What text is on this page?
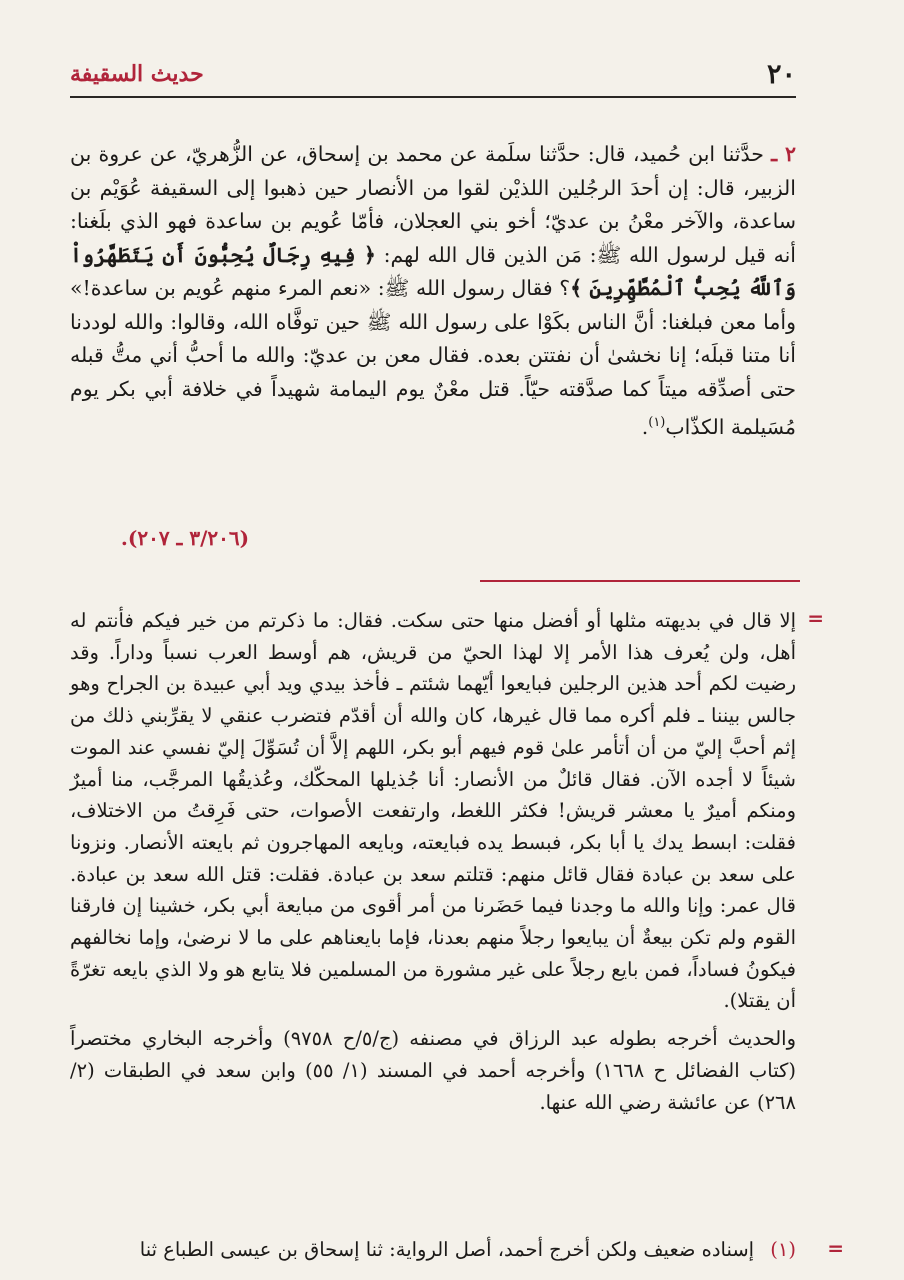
٢٠
حديث السقيفة

٢ ـ حدَّثنا ابن حُميد، قال: حدَّثنا سلَمة عن محمد بن إسحاق، عن الزُّهريّ، عن عروة بن الزبير، قال: إن أحدَ الرجُلين اللذيْن لقوا من الأنصار حين ذهبوا إلى السقيفة عُوَيْم بن ساعدة، والآخر معْنُ بن عديّ؛ أخو بني العجلان، فأمّا عُويم بن ساعدة فهو الذي بلَغنا: أنه قيل لرسول الله ﷺ: مَن الذين قال الله لهم: ﴿ فِيهِ رِجَالٌ يُحِبُّونَ أَن يَتَطَهَّرُواْ وَٱللَّهُ يُحِبُّ ٱلْمُطَّهِّرِينَ ﴾؟ فقال رسول الله ﷺ: «نعم المرء منهم عُويم بن ساعدة!» وأما معن فبلغنا: أنَّ الناس بكَوْا على رسول الله ﷺ حين توفَّاه الله، وقالوا: والله لوددنا أنا متنا قبلَه؛ إنا نخشىٰ أن نفتتن بعده. فقال معن بن عديّ: والله ما أحبُّ أني متُّ قبله حتى أصدِّقه ميتاً كما صدَّقته حيّاً. قتل معْنٌ يوم اليمامة شهيداً في خلافة أبي بكر يوم مُسَيلمة الكذّاب$^{(١)}$.

(٣/٢٠٦ ـ ٢٠٧).
=

إلا قال في بديهته مثلها أو أفضل منها حتى سكت. فقال: ما ذكرتم من خير فيكم فأنتم له أهل، ولن يُعرف هذا الأمر إلا لهذا الحيّ من قريش، هم أوسط العرب نسباً وداراً. وقد رضيت لكم أحد هذين الرجلين فبايعوا أيّهما شئتم ـ فأخذ بيدي ويد أبي عبيدة بن الجراح وهو جالس بيننا ـ فلم أكره مما قال غيرها، كان والله أن أقدّم فتضرب عنقي لا يقرِّبني ذلك من إثم أحبَّ إليّ من أن أتأمر علىٰ قوم فيهم أبو بكر، اللهم إلاَّ أن تُسَوِّلَ إليّ نفسي عند الموت شيئاً لا أجده الآن. فقال قائلٌ من الأنصار: أنا جُذيلها المحكّك، وعُذيقُها المرجَّب، منا أميرٌ ومنكم أميرٌ يا معشر قريش! فكثر اللغط، وارتفعت الأصوات، حتى فَرِقتُ من الاختلاف، فقلت: ابسط يدك يا أبا بكر، فبسط يده فبايعته، وبايعه المهاجرون ثم بايعته الأنصار. ونزونا على سعد بن عبادة فقال قائل منهم: قتلتم سعد بن عبادة. فقلت: قتل الله سعد بن عبادة. قال عمر: وإنا والله ما وجدنا فيما حَضَرنا من أمر أقوى من مبايعة أبي بكر، خشينا إن فارقنا القوم ولم تكن بيعةٌ أن يبايعوا رجلاً منهم بعدنا، فإما بايعناهم على ما لا نرضىٰ، وإما نخالفهم فيكونُ فساداً، فمن بايع رجلاً على غير مشورة من المسلمين فلا يتابع هو ولا الذي بايعه تغرّةً أن يقتلا).

والحديث أخرجه بطوله عبد الرزاق في مصنفه (ج/٥/ح ٩٧٥٨) وأخرجه البخاري مختصراً (كتاب الفضائل ح ١٦٦٨) وأخرجه أحمد في المسند (١/ ٥٥) وابن سعد في الطبقات (٢/ ٢٦٨) عن عائشة رضي الله عنها.

(١) إسناده ضعيف ولكن أخرج أحمد، أصل الرواية: ثنا إسحاق بن عيسى الطباع ثنا	=
